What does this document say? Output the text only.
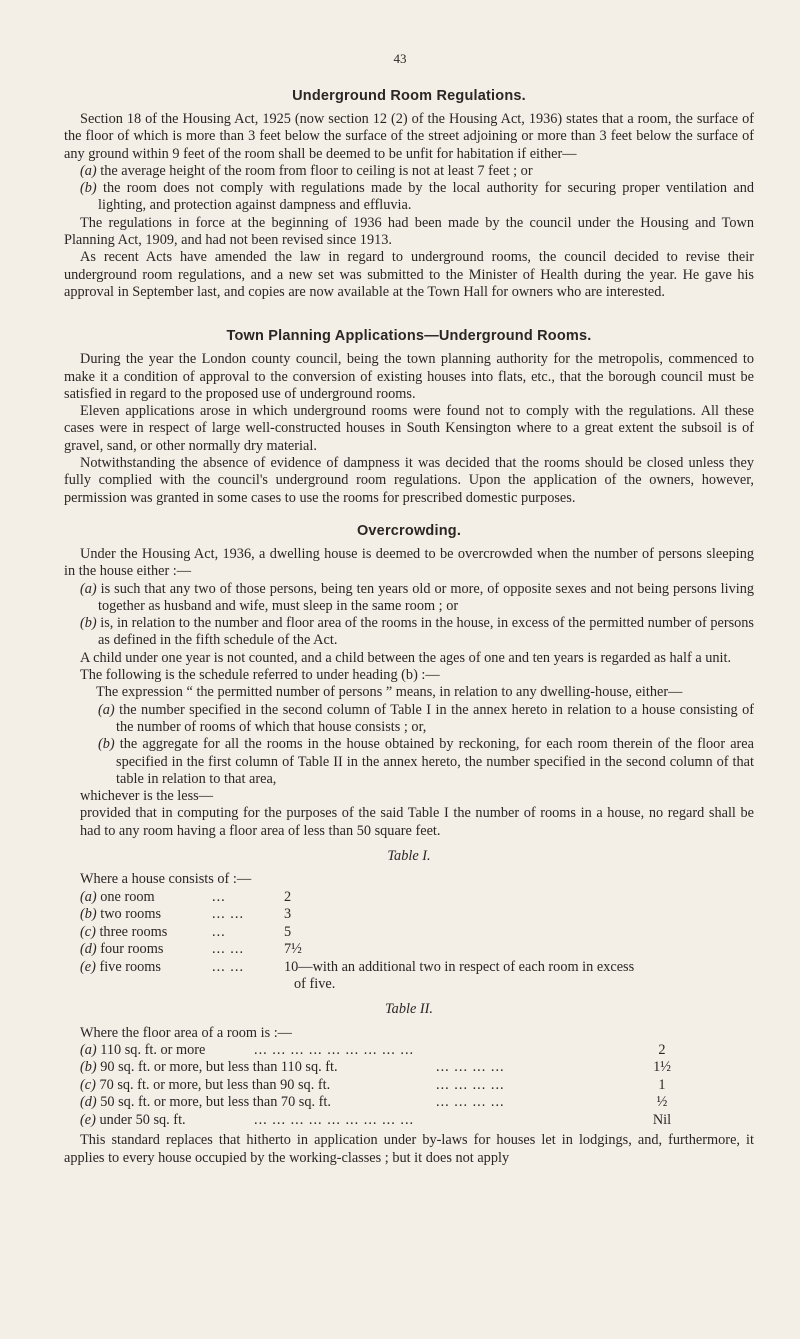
43
Underground Room Regulations.

Section 18 of the Housing Act, 1925 (now section 12 (2) of the Housing Act, 1936) states that a room, the surface of the floor of which is more than 3 feet below the surface of the street adjoining or more than 3 feet below the surface of any ground within 9 feet of the room shall be deemed to be unfit for habitation if either—

(a) the average height of the room from floor to ceiling is not at least 7 feet ; or

(b) the room does not comply with regulations made by the local authority for securing proper ventilation and lighting, and protection against dampness and effluvia.

The regulations in force at the beginning of 1936 had been made by the council under the Housing and Town Planning Act, 1909, and had not been revised since 1913.

As recent Acts have amended the law in regard to underground rooms, the council decided to revise their underground room regulations, and a new set was submitted to the Minister of Health during the year. He gave his approval in September last, and copies are now available at the Town Hall for owners who are interested.

Town Planning Applications—Underground Rooms.

During the year the London county council, being the town planning authority for the metropolis, commenced to make it a condition of approval to the conversion of existing houses into flats, etc., that the borough council must be satisfied in regard to the proposed use of underground rooms.

Eleven applications arose in which underground rooms were found not to comply with the regulations. All these cases were in respect of large well-constructed houses in South Kensington where to a great extent the subsoil is of gravel, sand, or other normally dry material.

Notwithstanding the absence of evidence of dampness it was decided that the rooms should be closed unless they fully complied with the council's underground room regulations. Upon the application of the owners, however, permission was granted in some cases to use the rooms for prescribed domestic purposes.

Overcrowding.

Under the Housing Act, 1936, a dwelling house is deemed to be overcrowded when the number of persons sleeping in the house either :—

(a) is such that any two of those persons, being ten years old or more, of opposite sexes and not being persons living together as husband and wife, must sleep in the same room ; or

(b) is, in relation to the number and floor area of the rooms in the house, in excess of the permitted number of persons as defined in the fifth schedule of the Act.

A child under one year is not counted, and a child between the ages of one and ten years is regarded as half a unit.

The following is the schedule referred to under heading (b) :—

The expression “ the permitted number of persons ” means, in relation to any dwelling-house, either—

(a) the number specified in the second column of Table I in the annex hereto in relation to a house consisting of the number of rooms of which that house consists ; or,

(b) the aggregate for all the rooms in the house obtained by reckoning, for each room therein of the floor area specified in the first column of Table II in the annex hereto, the number specified in the second column of that table in relation to that area,

whichever is the less—

provided that in computing for the purposes of the said Table I the number of rooms in a house, no regard shall be had to any room having a floor area of less than 50 square feet.

Table I.

Where a house consists of :—

(a) one room	...	2
(b) two rooms	... ...	3
(c) three rooms	...	5
(d) four rooms	... ...	7½
(e) five rooms	... ...	10—with an additional two in respect of each room in excess

of five.

Table II.

Where the floor area of a room is :—

(a) 110 sq. ft. or more	... ... ... ... ... ... ... ... ...	2
(b) 90 sq. ft. or more, but less than 110 sq. ft.	... ... ... ...	1½
(c) 70 sq. ft. or more, but less than 90 sq. ft.	... ... ... ...	1
(d) 50 sq. ft. or more, but less than 70 sq. ft.	... ... ... ...	½
(e) under 50 sq. ft.	... ... ... ... ... ... ... ... ...	Nil

This standard replaces that hitherto in application under by-laws for houses let in lodgings, and, furthermore, it applies to every house occupied by the working-classes ; but it does not apply
